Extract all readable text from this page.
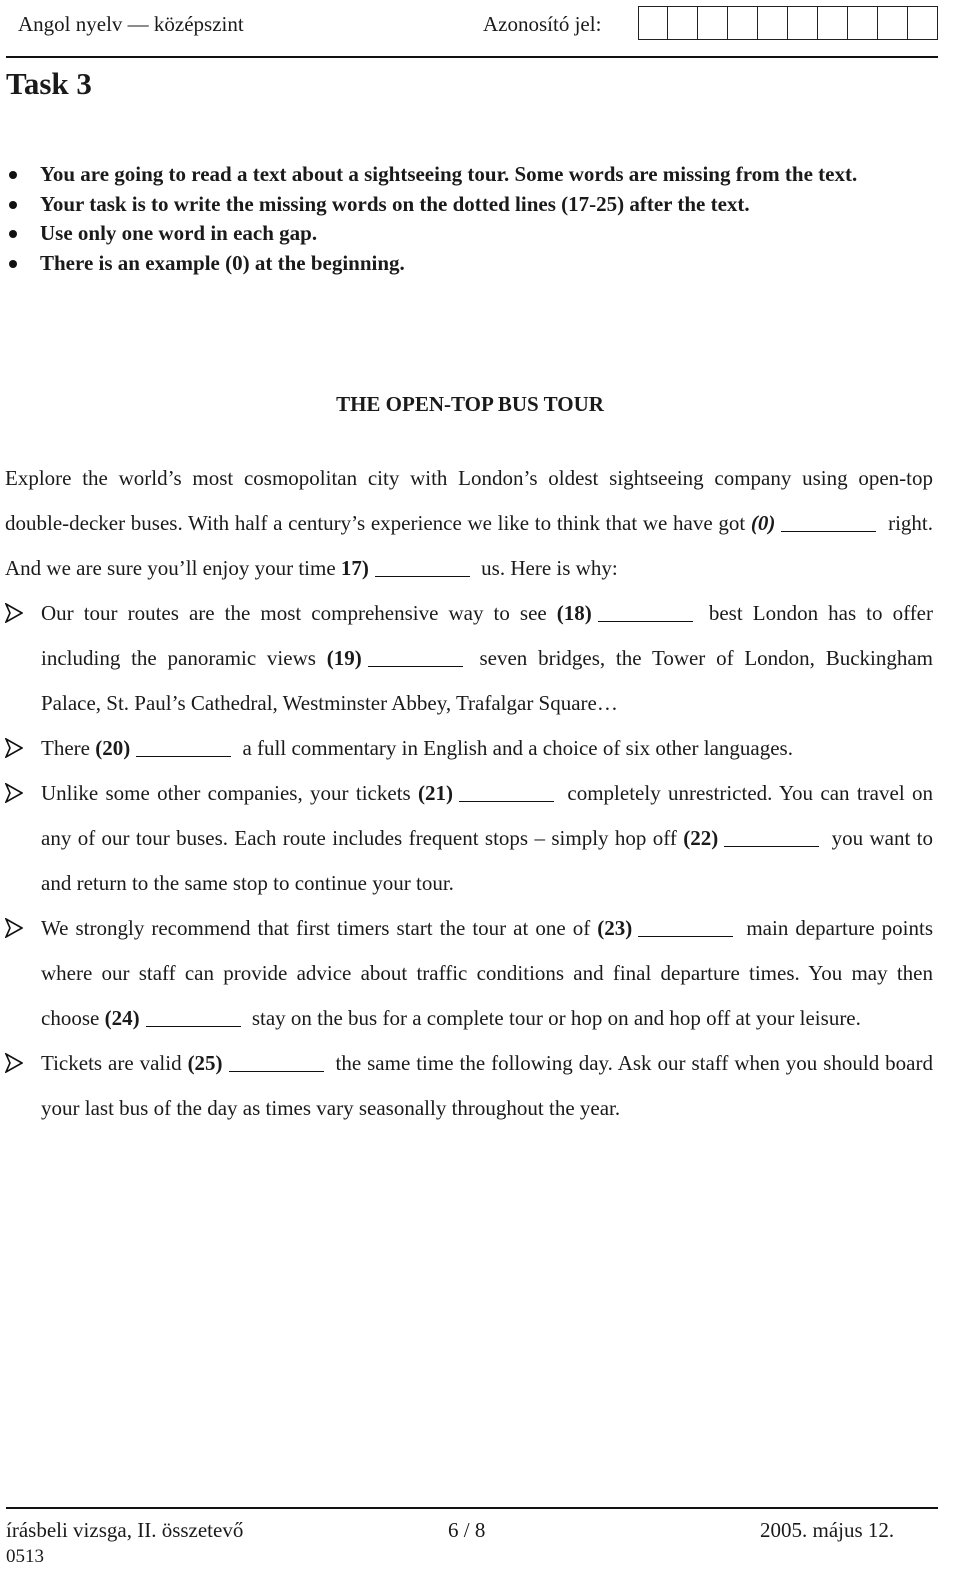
Angol nyelv — középszint	Azonosító jel:
Task 3
You are going to read a text about a sightseeing tour. Some words are missing from the text.
Your task is to write the missing words on the dotted lines (17-25) after the text.
Use only one word in each gap.
There is an example (0) at the beginning.
THE OPEN-TOP BUS TOUR

Explore the world’s most cosmopolitan city with London’s oldest sightseeing company using open-top double-decker buses. With half a century’s experience we like to think that we have got (0)	right. And we are sure you’ll enjoy your time 17)	us. Here is why:

Our tour routes are the most comprehensive way to see (18)	best London has to offer including the panoramic views (19)	seven bridges, the Tower of London, Buckingham Palace, St. Paul’s Cathedral, Westminster Abbey, Trafalgar Square…
There (20)	a full commentary in English and a choice of six other languages.
Unlike some other companies, your tickets (21)	completely unrestricted. You can travel on any of our tour buses. Each route includes frequent stops – simply hop off (22)	you want to and return to the same stop to continue your tour.
We strongly recommend that first timers start the tour at one of (23)	main departure points where our staff can provide advice about traffic conditions and final departure times. You may then choose (24)	stay on the bus for a complete tour or hop on and hop off at your leisure.
Tickets are valid (25)	the same time the following day. Ask our staff when you should board your last bus of the day as times vary seasonally throughout the year.
írásbeli vizsga, II. összetevő	6 / 8	2005. május 12.
0513
